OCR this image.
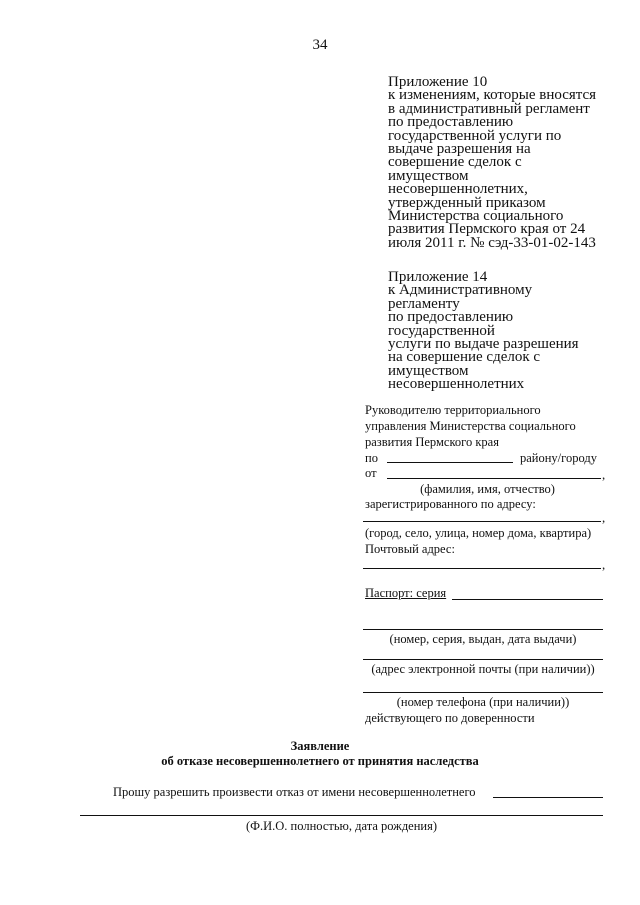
34
Приложение 10
к изменениям, которые вносятся
в административный регламент
по предоставлению
государственной услуги по
выдаче разрешения на
совершение сделок с
имуществом
несовершеннолетних,
утвержденный приказом
Министерства социального
развития Пермского края от 24
июля 2011 г. № сэд-33-01-02-143
Приложение 14
к Административному
регламенту
по предоставлению
государственной
услуги по выдаче разрешения
на совершение сделок с
имуществом
несовершеннолетних
Руководителю территориального
управления Министерства социального
развития Пермского края
по	району/городу
от	,
(фамилия, имя, отчество)
зарегистрированного по адресу:
,
(город, село, улица, номер дома, квартира)
Почтовый адрес:
,
Паспорт: серия
(номер, серия, выдан, дата выдачи)
(адрес электронной почты (при наличии))
(номер телефона (при наличии))
действующего по доверенности
Заявление
об отказе несовершеннолетнего от принятия наследства
Прошу разрешить произвести отказ от имени несовершеннолетнего
(Ф.И.О. полностью, дата рождения)
